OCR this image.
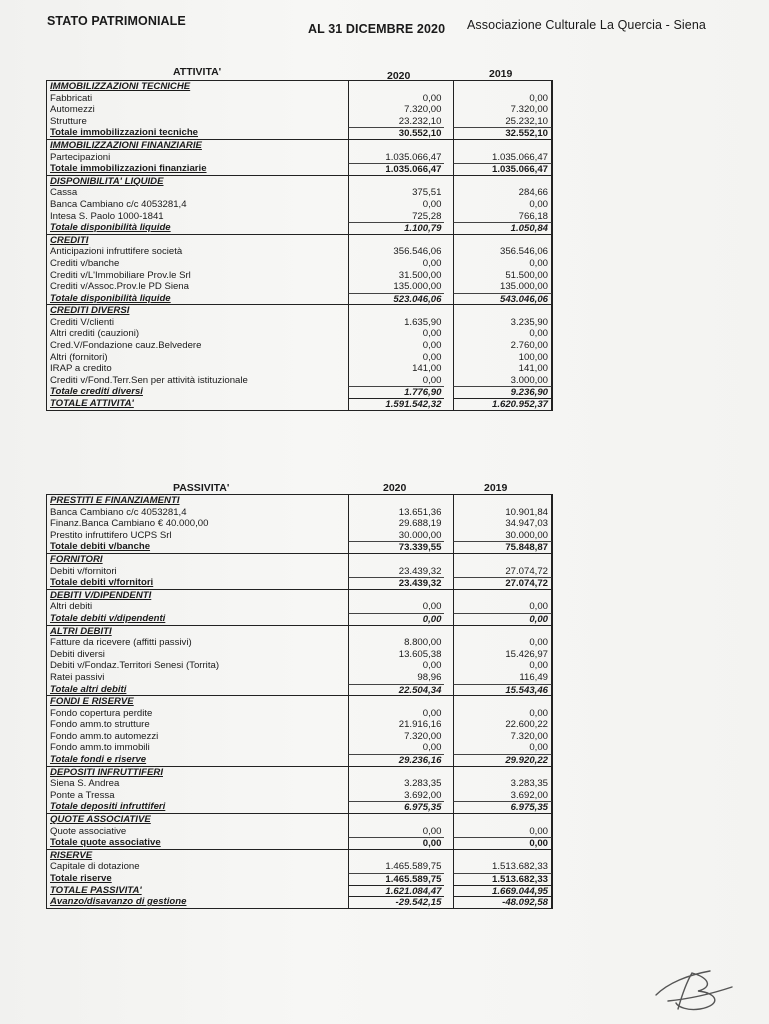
STATO PATRIMONIALE
AL 31 DICEMBRE 2020 Associazione Culturale La Quercia - Siena
ATTIVITA'	2020	2019
IMMOBILIZZAZIONI TECNICHE
Fabbricati	0,00	0,00
Automezzi	7.320,00	7.320,00
Strutture	23.232,10	25.232,10
Totale immobilizzazioni tecniche	30.552,10	32.552,10
IMMOBILIZZAZIONI FINANZIARIE
Partecipazioni	1.035.066,47	1.035.066,47
Totale immobilizzazioni finanziarie	1.035.066,47	1.035.066,47
DISPONIBILITA' LIQUIDE
Cassa	375,51	284,66
Banca Cambiano c/c 4053281,4	0,00	0,00
Intesa S. Paolo 1000-1841	725,28	766,18
Totale disponibilità liquide	1.100,79	1.050,84
CREDITI
Anticipazioni infruttifere società	356.546,06	356.546,06
Crediti v/banche	0,00	0,00
Crediti v/L'Immobiliare Prov.le Srl	31.500,00	51.500,00
Crediti v/Assoc.Prov.le PD Siena	135.000,00	135.000,00
Totale disponibilità liquide	523.046,06	543.046,06
CREDITI DIVERSI
Crediti V/clienti	1.635,90	3.235,90
Altri crediti (cauzioni)	0,00	0,00
Cred.V/Fondazione cauz.Belvedere	0,00	2.760,00
Altri (fornitori)	0,00	100,00
IRAP a credito	141,00	141,00
Crediti v/Fond.Terr.Sen per attività istituzionale	0,00	3.000,00
Totale crediti diversi	1.776,90	9.236,90
TOTALE ATTIVITA'	1.591.542,32	1.620.952,37
PASSIVITA'	2020	2019
PRESTITI E FINANZIAMENTI
Banca Cambiano c/c 4053281,4	13.651,36	10.901,84
Finanz.Banca Cambiano € 40.000,00	29.688,19	34.947,03
Prestito infruttifero UCPS Srl	30.000,00	30.000,00
Totale debiti v/banche	73.339,55	75.848,87
FORNITORI
Debiti v/fornitori	23.439,32	27.074,72
Totale debiti v/fornitori	23.439,32	27.074,72
DEBITI V/DIPENDENTI
Altri debiti	0,00	0,00
Totale debiti v/dipendenti	0,00	0,00
ALTRI DEBITI
Fatture da ricevere (affitti passivi)	8.800,00	0,00
Debiti diversi	13.605,38	15.426,97
Debiti v/Fondaz.Territori Senesi (Torrita)	0,00	0,00
Ratei passivi	98,96	116,49
Totale altri debiti	22.504,34	15.543,46
FONDI E RISERVE
Fondo copertura perdite	0,00	0,00
Fondo amm.to strutture	21.916,16	22.600,22
Fondo amm.to automezzi	7.320,00	7.320,00
Fondo amm.to immobili	0,00	0,00
Totale fondi e riserve	29.236,16	29.920,22
DEPOSITI INFRUTTIFERI
Siena S. Andrea	3.283,35	3.283,35
Ponte a Tressa	3.692,00	3.692,00
Totale depositi infruttiferi	6.975,35	6.975,35
QUOTE ASSOCIATIVE
Quote associative	0,00	0,00
Totale quote associative	0,00	0,00
RISERVE
Capitale di dotazione	1.465.589,75	1.513.682,33
Totale riserve	1.465.589,75	1.513.682,33
TOTALE PASSIVITA'	1.621.084,47	1.669.044,95
Avanzo/disavanzo di gestione	-29.542,15	-48.092,58
